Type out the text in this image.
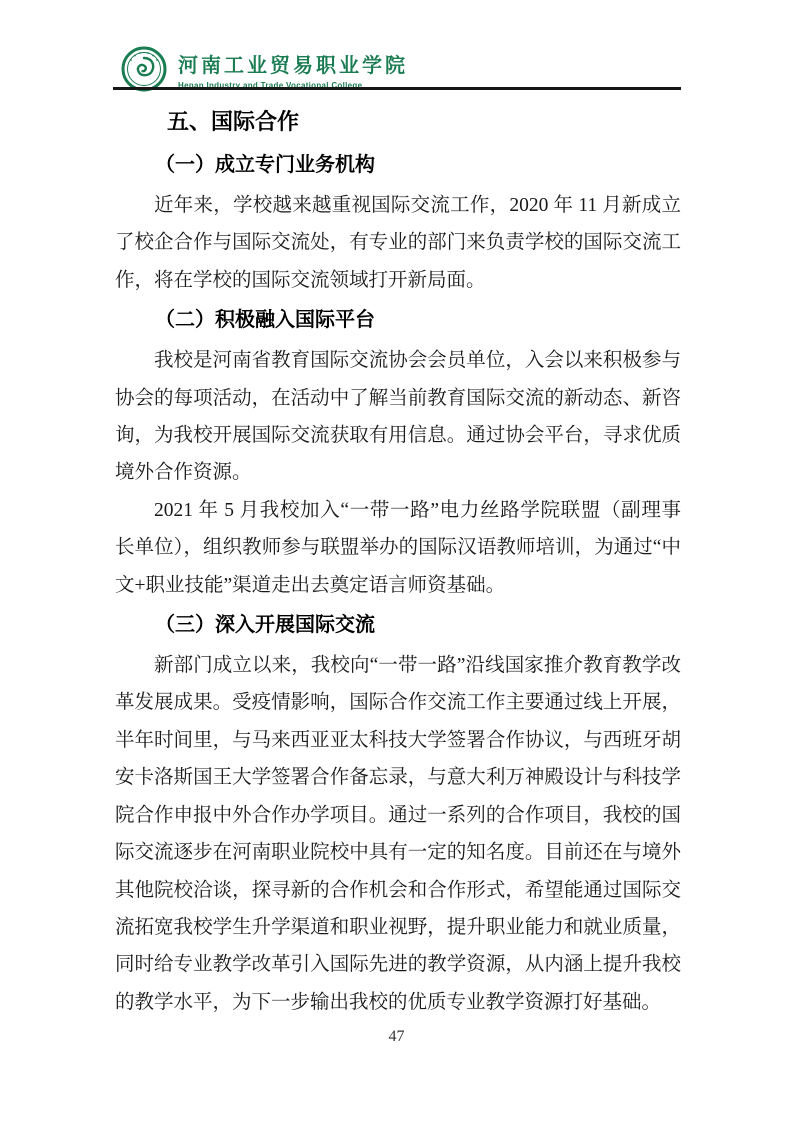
河南工业贸易职业学院
Henan Industry and Trade Vocational College
五、国际合作
（一）成立专门业务机构

近年来，学校越来越重视国际交流工作，2020 年 11 月新成立了校企合作与国际交流处，有专业的部门来负责学校的国际交流工作，将在学校的国际交流领域打开新局面。

（二）积极融入国际平台

我校是河南省教育国际交流协会会员单位，入会以来积极参与协会的每项活动，在活动中了解当前教育国际交流的新动态、新咨询，为我校开展国际交流获取有用信息。通过协会平台，寻求优质境外合作资源。

2021 年 5 月我校加入“一带一路”电力丝路学院联盟（副理事长单位），组织教师参与联盟举办的国际汉语教师培训，为通过“中文+职业技能”渠道走出去奠定语言师资基础。

（三）深入开展国际交流

新部门成立以来，我校向“一带一路”沿线国家推介教育教学改革发展成果。受疫情影响，国际合作交流工作主要通过线上开展，半年时间里，与马来西亚亚太科技大学签署合作协议，与西班牙胡安卡洛斯国王大学签署合作备忘录，与意大利万神殿设计与科技学院合作申报中外合作办学项目。通过一系列的合作项目，我校的国际交流逐步在河南职业院校中具有一定的知名度。目前还在与境外其他院校洽谈，探寻新的合作机会和合作形式，希望能通过国际交流拓宽我校学生升学渠道和职业视野，提升职业能力和就业质量，同时给专业教学改革引入国际先进的教学资源，从内涵上提升我校的教学水平，为下一步输出我校的优质专业教学资源打好基础。

47
